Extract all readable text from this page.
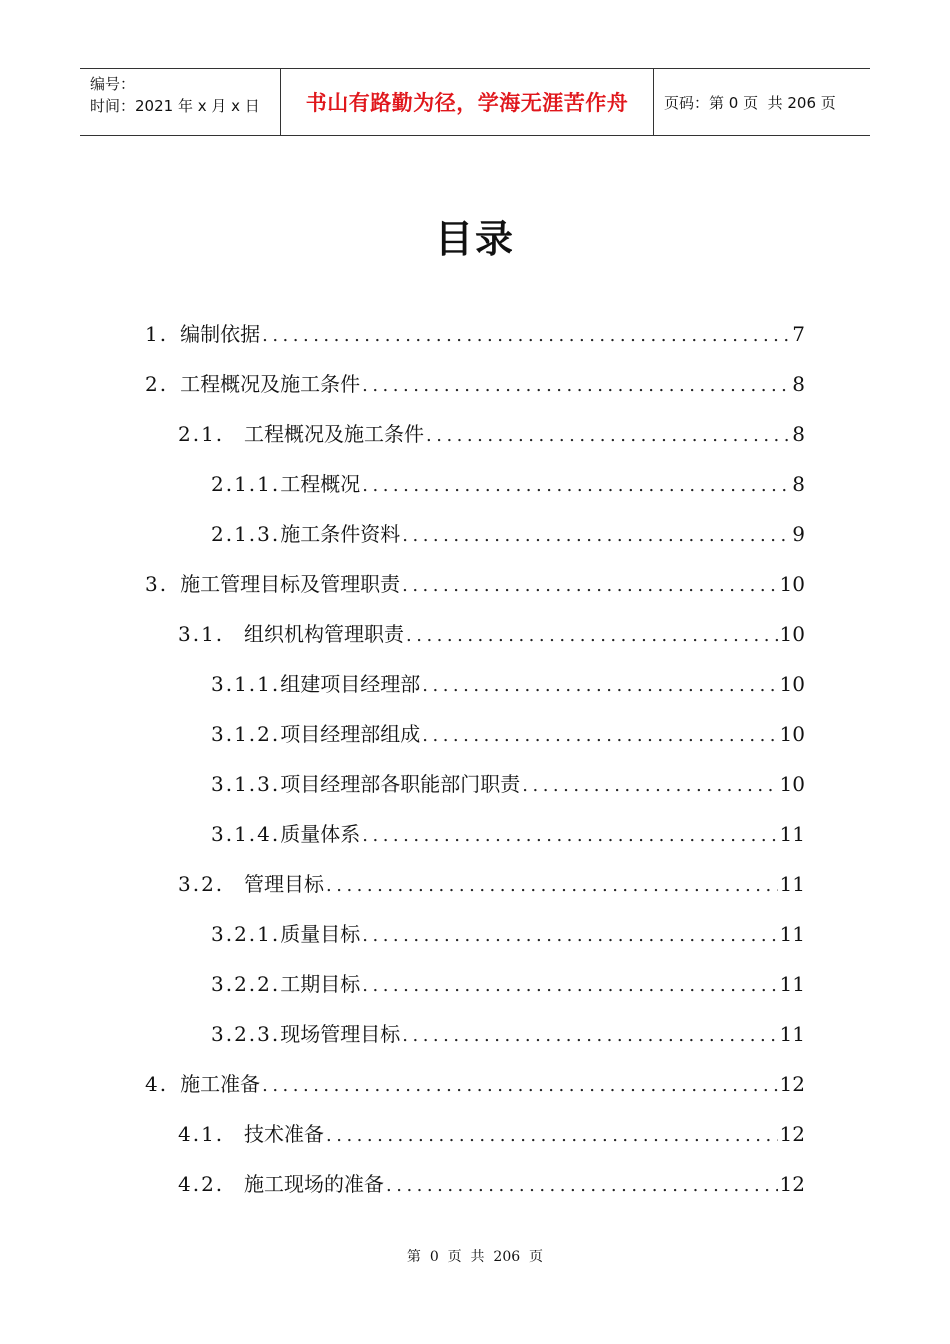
编号：
时间：2021 年 x 月 x 日	书山有路勤为径，学海无涯苦作舟 页码：第 0 页  共 206 页
目录
1. 编制依据 .....	7
2. 工程概况及施工条件 .....	8
2.1. 工程概况及施工条件 .....	8
2.1.1. 工程概况 .....	8
2.1.3. 施工条件资料 .....	9
3. 施工管理目标及管理职责 .....	10
3.1. 组织机构管理职责 .....	10
3.1.1. 组建项目经理部 .....	10
3.1.2. 项目经理部组成 .....	10
3.1.3. 项目经理部各职能部门职责 .....	10
3.1.4. 质量体系 .....	11
3.2. 管理目标 .....	11
3.2.1. 质量目标 .....	11
3.2.2. 工期目标 .....	11
3.2.3. 现场管理目标 .....	11
4. 施工准备 .....	12
4.1. 技术准备 .....	12
4.2. 施工现场的准备 .....	12
第  0  页  共  206  页
